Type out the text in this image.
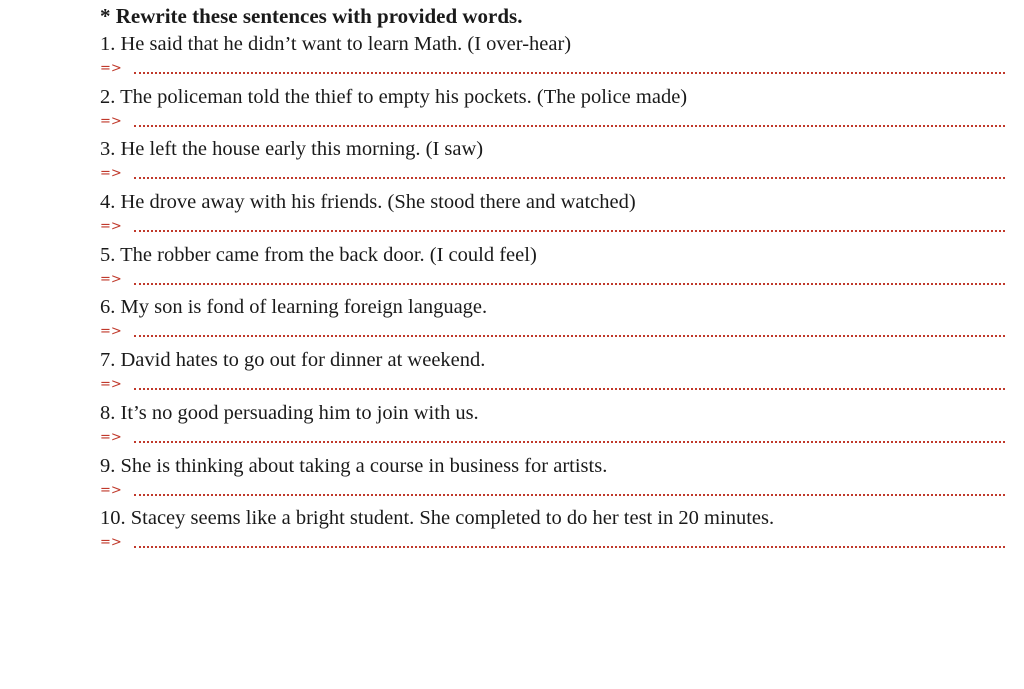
* Rewrite these sentences with provided words.
1. He said that he didn’t want to learn Math. (I over-hear)
=>
2. The policeman told the thief to empty his pockets. (The police made)
=>
3. He left the house early this morning. (I saw)
=>
4. He drove away with his friends. (She stood there and watched)
=>
5. The robber came from the back door. (I could feel)
=>
6. My son is fond of learning foreign language.
=>
7. David hates to go out for dinner at weekend.
=>
8. It’s no good persuading him to join with us.
=>
9. She is thinking about taking a course in business for artists.
=>
10. Stacey seems like a bright student. She completed to do her test in 20 minutes.
=>
